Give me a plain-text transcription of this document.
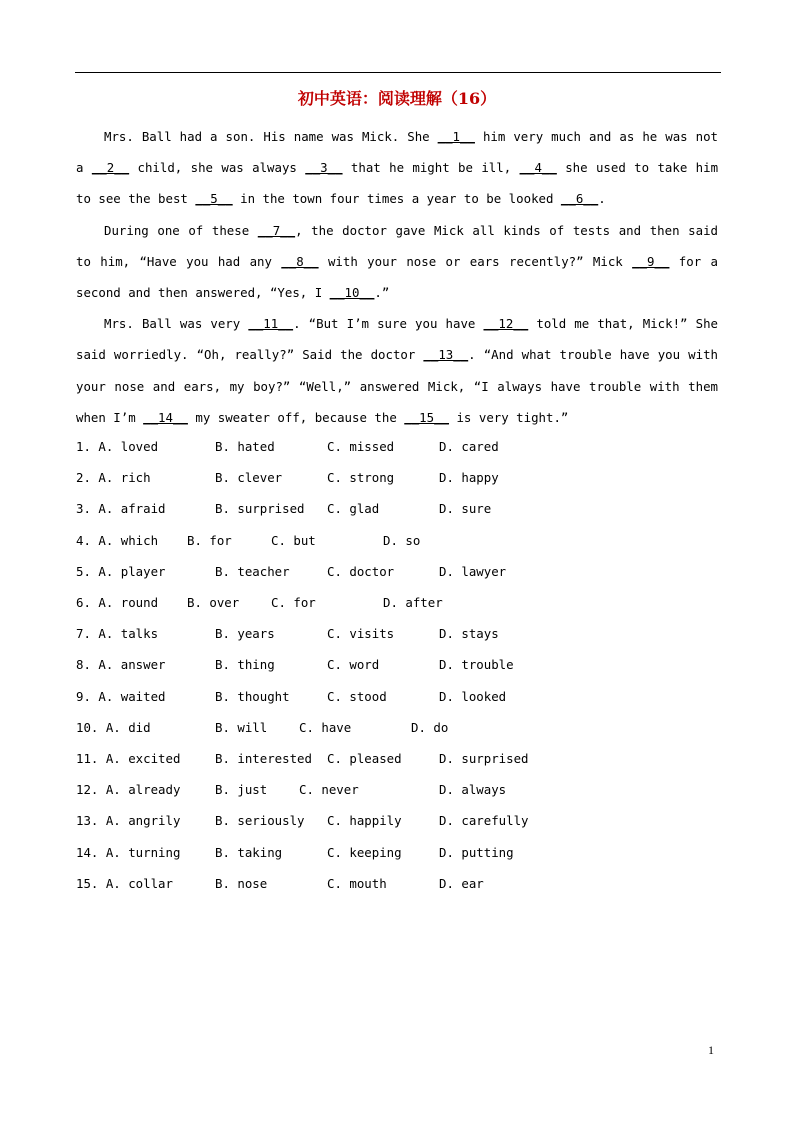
初中英语：阅读理解（16）

Mrs. Ball had a son. His name was Mick. She __1__ him very much and as he was not a __2__ child, she was always __3__ that he might be ill, __4__ she used to take him to see the best __5__ in the town four times a year to be looked __6__.

During one of these __7__, the doctor gave Mick all kinds of tests and then said to him, “Have you had any __8__ with your nose or ears recently?” Mick __9__ for a second and then answered, “Yes, I __10__.”

Mrs. Ball was very __11__. “But I’m sure you have __12__ told me that, Mick!” She said worriedly. “Oh, really?” Said the doctor __13__. “And what trouble have you with your nose and ears, my boy?” “Well,” answered Mick, “I always have trouble with them when I’m __14__ my sweater off, because the __15__ is very tight.”

1. A. loved	B. hated	C. missed	D. cared
2. A. rich	B. clever	C. strong	D. happy
3. A. afraid	B. surprised C. glad	D. sure
4. A. which B. for	C. but	D. so
5. A. player	B. teacher	C. doctor	D. lawyer
6. A. round B. over	C. for	D. after
7. A. talks	B. years	C. visits	D. stays
8. A. answer	B. thing	C. word	D. trouble
9. A. waited	B. thought	C. stood	D. looked
10. A. did	B. will	C. have	D. do
11. A. excited	B. interested C. pleased	D. surprised
12. A. already	B. just	C. never	D. always
13. A. angrily	B. seriously C. happily	D. carefully
14. A. turning	B. taking	C. keeping	D. putting
15. A. collar	B. nose	C. mouth	D. ear
1
